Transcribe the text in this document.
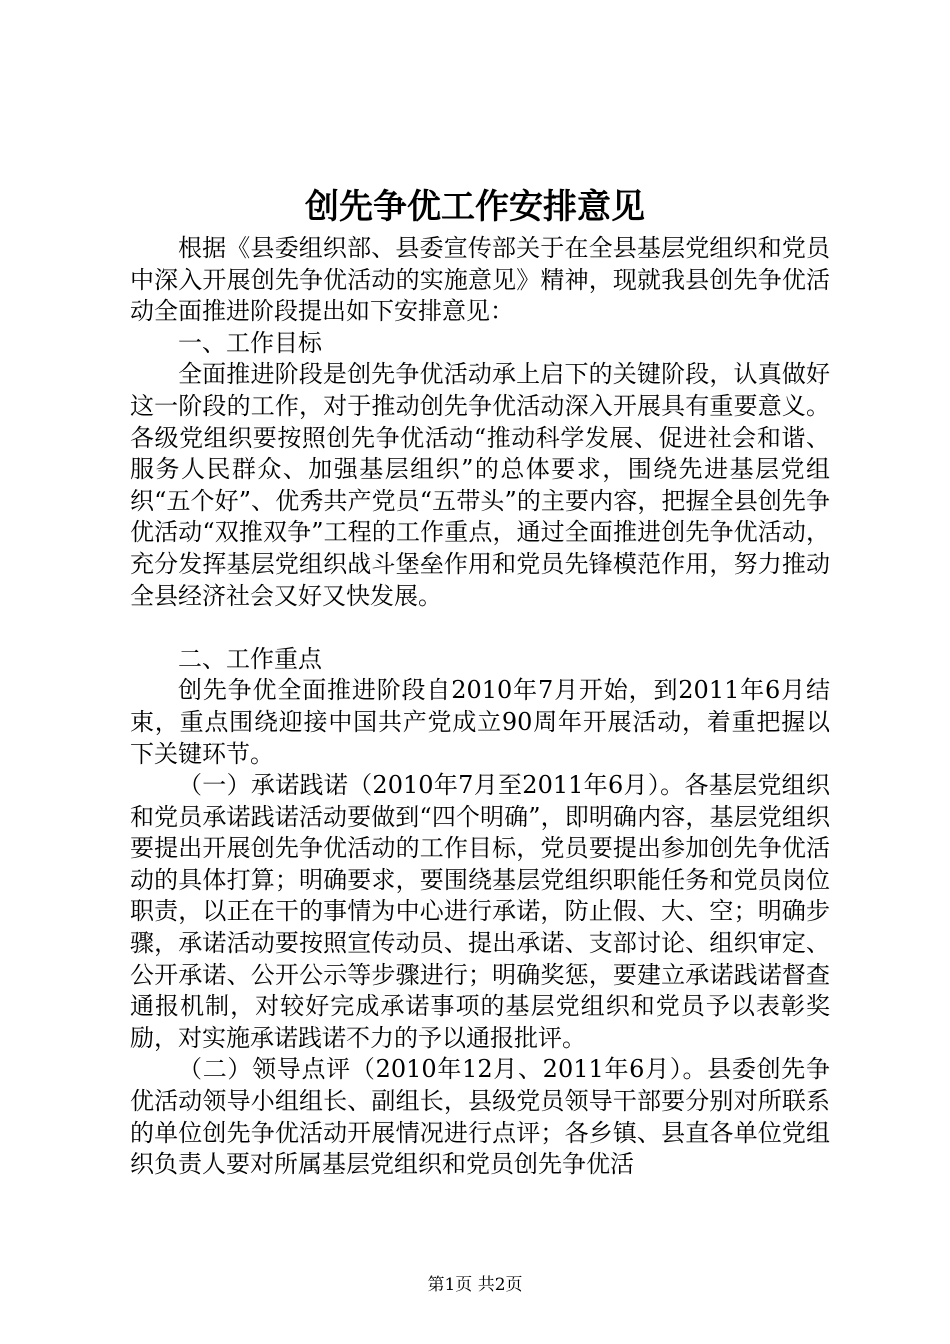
创先争优工作安排意见

根据《县委组织部、县委宣传部关于在全县基层党组织和党员中深入开展创先争优活动的实施意见》精神，现就我县创先争优活动全面推进阶段提出如下安排意见：

一、工作目标

全面推进阶段是创先争优活动承上启下的关键阶段，认真做好这一阶段的工作，对于推动创先争优活动深入开展具有重要意义。各级党组织要按照创先争优活动“推动科学发展、促进社会和谐、服务人民群众、加强基层组织”的总体要求，围绕先进基层党组织“五个好”、优秀共产党员“五带头”的主要内容，把握全县创先争优活动“双推双争”工程的工作重点，通过全面推进创先争优活动，充分发挥基层党组织战斗堡垒作用和党员先锋模范作用，努力推动全县经济社会又好又快发展。

二、工作重点

创先争优全面推进阶段自2010年7月开始，到2011年6月结束，重点围绕迎接中国共产党成立90周年开展活动，着重把握以下关键环节。

（一）承诺践诺（2010年7月至2011年6月）。各基层党组织和党员承诺践诺活动要做到“四个明确”，即明确内容，基层党组织要提出开展创先争优活动的工作目标，党员要提出参加创先争优活动的具体打算；明确要求，要围绕基层党组织职能任务和党员岗位职责，以正在干的事情为中心进行承诺，防止假、大、空；明确步骤，承诺活动要按照宣传动员、提出承诺、支部讨论、组织审定、公开承诺、公开公示等步骤进行；明确奖惩，要建立承诺践诺督查通报机制，对较好完成承诺事项的基层党组织和党员予以表彰奖励，对实施承诺践诺不力的予以通报批评。

（二）领导点评（2010年12月、2011年6月）。县委创先争优活动领导小组组长、副组长，县级党员领导干部要分别对所联系的单位创先争优活动开展情况进行点评；各乡镇、县直各单位党组织负责人要对所属基层党组织和党员创先争优活

第1页 共2页
